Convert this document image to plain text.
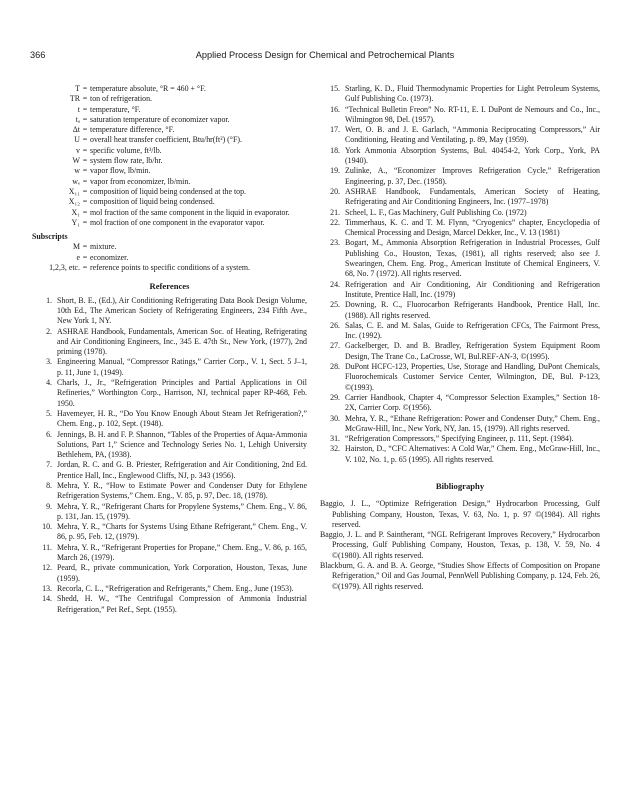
366	Applied Process Design for Chemical and Petrochemical Plants
T = temperature absolute, °R = 460 + °F.
TR = ton of refrigeration.
t = temperature, °F.
tₐ = saturation temperature of economizer vapor.
Δt = temperature difference, °F.
U = overall heat transfer coefficient, Btu/hr(ft²) (°F).
v = specific volume, ft³/lb.
W = system flow rate, lb/hr.
w = vapor flow, lb/min.
wₑ = vapor from economizer, lb/min.
X₁₁ = composition of liquid being condensed at the top.
X₁₂ = composition of liquid being condensed.
X₁ = mol fraction of the same component in the liquid in evaporator.
Y₁ = mol fraction of one component in the evaporator vapor.
Subscripts
M = mixture.
e = economizer.
1,2,3, etc. = reference points to specific conditions of a system.
References
1. Short, B. E., (Ed.), Air Conditioning Refrigerating Data Book Design Volume, 10th Ed., The American Society of Refrigerating Engineers, 234 Fifth Ave., New York 1, NY.
2. ASHRAE Handbook, Fundamentals, American Soc. of Heating, Refrigerating and Air Conditioning Engineers, Inc., 345 E. 47th St., New York, (1977), 2nd priming (1978).
3. Engineering Manual, “Compressor Ratings,” Carrier Corp., V. 1, Sect. 5 J–1, p. 11, June 1, (1949).
4. Charls, J., Jr., “Refrigeration Principles and Partial Applications in Oil Refineries,” Worthington Corp., Harrison, NJ, technical paper RP-468, Feb. 1950.
5. Havemeyer, H. R., “Do You Know Enough About Steam Jet Refrigeration?,” Chem. Eng., p. 102, Sept. (1948).
6. Jennings, B. H. and F. P. Shannon, “Tables of the Properties of Aqua-Ammonia Solutions, Part 1,” Science and Technology Series No. 1, Lehigh University Bethlehem, PA, (1938).
7. Jordan, R. C. and G. B. Priester, Refrigeration and Air Conditioning, 2nd Ed. Prentice Hall, Inc., Englewood Cliffs, NJ, p. 343 (1956).
8. Mehra, Y. R., “How to Estimate Power and Condenser Duty for Ethylene Refrigeration Systems,” Chem. Eng., V. 85, p. 97, Dec. 18, (1978).
9. Mehra, Y. R., “Refrigerant Charts for Propylene Systems,” Chem. Eng., V. 86, p. 131, Jan. 15, (1979).
10. Mehra, Y. R., “Charts for Systems Using Ethane Refrigerant,” Chem. Eng., V. 86, p. 95, Feb. 12, (1979).
11. Mehra, Y. R., “Refrigerant Properties for Propane,” Chem. Eng., V. 86, p. 165, March 26, (1979).
12. Peard, R., private communication, York Corporation, Houston, Texas, June (1959).
13. Recorla, C. L., “Refrigeration and Refrigerants,” Chem. Eng., June (1953).
14. Shedd, H. W., “The Centrifugal Compression of Ammonia Industrial Refrigeration,” Pet Ref., Sept. (1955).
15. Starling, K. D., Fluid Thermodynamic Properties for Light Petroleum Systems, Gulf Publishing Co. (1973).
16. “Technical Bulletin Freon” No. RT-11, E. I. DuPont de Nemours and Co., Inc., Wilmington 98, Del. (1957).
17. Wert, O. B. and J. E. Garlach, “Ammonia Reciprocating Compressors,” Air Conditioning, Heating and Ventilating, p. 89, May (1959).
18. York Ammonia Absorption Systems, Bul. 40454-2, York Corp., York, PA (1940).
19. Zulinke, A., “Economizer Improves Refrigeration Cycle,” Refrigeration Engineering, p. 37, Dec. (1958).
20. ASHRAE Handbook, Fundamentals, American Society of Heating, Refrigerating and Air Conditioning Engineers, Inc. (1977–1978)
21. Scheel, L. F., Gas Machinery, Gulf Publishing Co. (1972)
22. Timmerhaus, K. C. and T. M. Flynn, “Cryogenics” chapter, Encyclopedia of Chemical Processing and Design, Marcel Dekker, Inc., V. 13 (1981)
23. Bogart, M., Ammonia Absorption Refrigeration in Industrial Processes, Gulf Publishing Co., Houston, Texas, (1981), all rights reserved; also see J. Swearingen, Chem. Eng. Prog., American Institute of Chemical Engineers, V. 68, No. 7 (1972). All rights reserved.
24. Refrigeration and Air Conditioning, Air Conditioning and Refrigeration Institute, Prentice Hall, Inc. (1979)
25. Downing, R. C., Fluorocarbon Refrigerants Handbook, Prentice Hall, Inc. (1988). All rights reserved.
26. Salas, C. E. and M. Salas, Guide to Refrigeration CFCs, The Fairmont Press, Inc. (1992).
27. Gackelberger, D. and B. Bradley, Refrigeration System Equipment Room Design, The Trane Co., LaCrosse, WI, Bul.REF-AN-3, ©(1995).
28. DuPont HCFC-123, Properties, Use, Storage and Handling, DuPont Chemicals, Fluorochemicals Customer Service Center, Wilmington, DE, Bul. P-123, ©(1993).
29. Carrier Handbook, Chapter 4, “Compressor Selection Examples,” Section 18-2X, Carrier Corp. ©(1956).
30. Mehra, Y. R., “Ethane Refrigeration: Power and Condenser Duty,” Chem. Eng., McGraw-Hill, Inc., New York, NY, Jan. 15, (1979). All rights reserved.
31. “Refrigeration Compressors,” Specifying Engineer, p. 111, Sept. (1984).
32. Hairston, D., “CFC Alternatives: A Cold War,” Chem. Eng., McGraw-Hill, Inc., V. 102, No. 1, p. 65 (1995). All rights reserved.
Bibliography
Baggio, J. L., “Optimize Refrigeration Design,” Hydrocarbon Processing, Gulf Publishing Company, Houston, Texas, V. 63, No. 1, p. 97 ©(1984). All rights reserved.
Baggio, J. L. and P. Saintherant, “NGL Refrigerant Improves Recovery,” Hydrocarbon Processing, Gulf Publishing Company, Houston, Texas, p. 138, V. 59, No. 4 ©(1980). All rights reserved.
Blackburn, G. A. and B. A. George, “Studies Show Effects of Composition on Propane Refrigeration,” Oil and Gas Journal, PennWell Publishing Company, p. 124, Feb. 26, ©(1979). All rights reserved.
